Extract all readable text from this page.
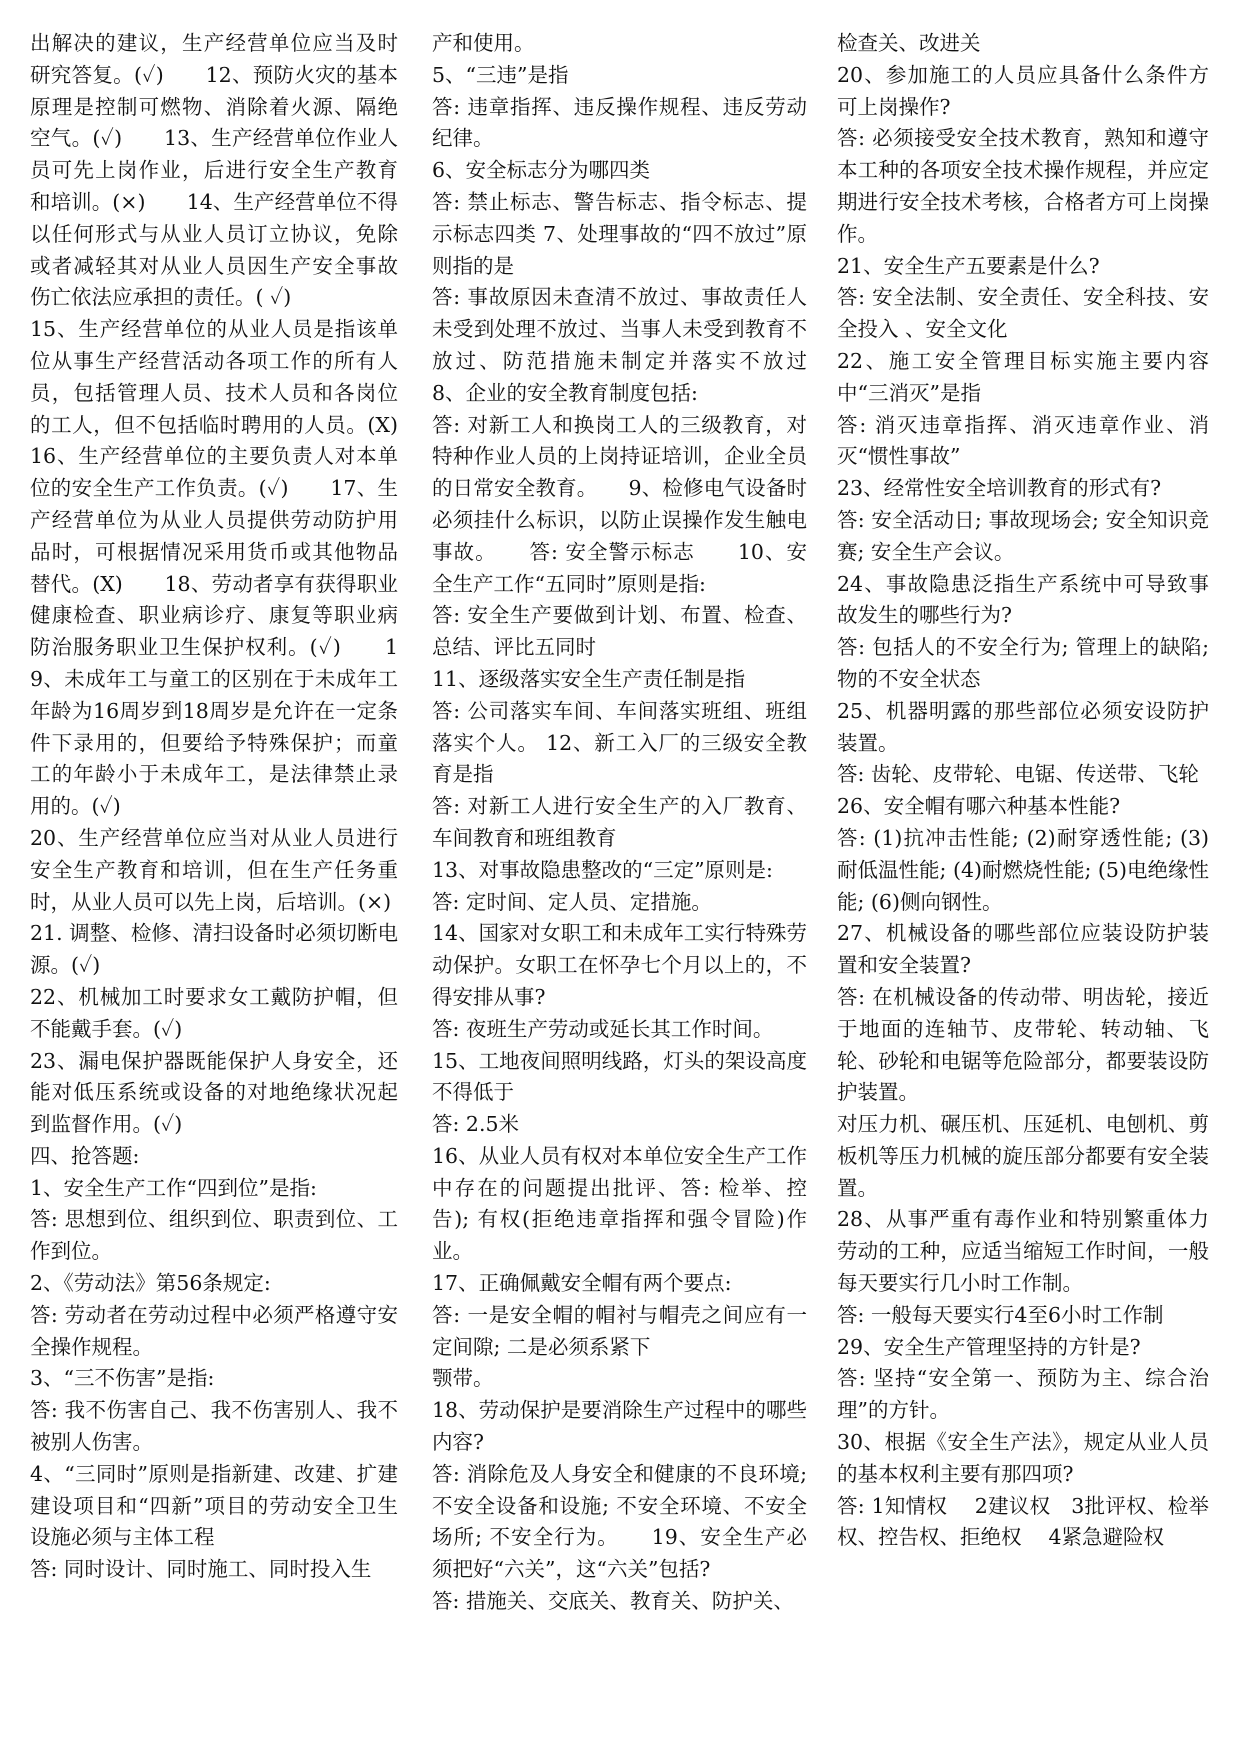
出解决的建议，生产经营单位应当及时研究答复。(✓)　　12、预防火灾的基本原理是控制可燃物、消除着火源、隔绝空气。(✓)　　13、生产经营单位作业人员可先上岗作业，后进行安全生产教育和培训。(×)　　14、生产经营单位不得以任何形式与从业人员订立协议，免除或者减轻其对从业人员因生产安全事故伤亡依法应承担的责任。( ✓)

15、生产经营单位的从业人员是指该单位从事生产经营活动各项工作的所有人员，包括管理人员、技术人员和各岗位的工人，但不包括临时聘用的人员。(X)　　16、生产经营单位的主要负责人对本单位的安全生产工作负责。(✓)　　17、生产经营单位为从业人员提供劳动防护用品时，可根据情况采用货币或其他物品替代。(X)　　18、劳动者享有获得职业健康检查、职业病诊疗、康复等职业病防治服务职业卫生保护权利。(✓)　　19、未成年工与童工的区别在于未成年工年龄为16周岁到18周岁是允许在一定条件下录用的，但要给予特殊保护；而童工的年龄小于未成年工，是法律禁止录用的。(✓)

20、生产经营单位应当对从业人员进行安全生产教育和培训，但在生产任务重时，从业人员可以先上岗，后培训。(×)

21. 调整、检修、清扫设备时必须切断电源。(✓)

22、机械加工时要求女工戴防护帽，但不能戴手套。(✓)

23、漏电保护器既能保护人身安全，还能对低压系统或设备的对地绝缘状况起到监督作用。(✓)

四、抢答题:

1、安全生产工作“四到位”是指:

答: 思想到位、组织到位、职责到位、工作到位。

2、《劳动法》第56条规定:

答: 劳动者在劳动过程中必须严格遵守安全操作规程。

3、“三不伤害”是指:

答: 我不伤害自己、我不伤害别人、我不被别人伤害。

4、“三同时”原则是指新建、改建、扩建建设项目和“四新”项目的劳动安全卫生设施必须与主体工程

答: 同时设计、同时施工、同时投入生

产和使用。

5、“三违”是指

答: 违章指挥、违反操作规程、违反劳动纪律。

6、安全标志分为哪四类

答: 禁止标志、警告标志、指令标志、提示标志四类 7、处理事故的“四不放过”原则指的是

答: 事故原因未查清不放过、事故责任人未受到处理不放过、当事人未受到教育不放过、防范措施未制定并落实不放过　　8、企业的安全教育制度包括:

答: 对新工人和换岗工人的三级教育，对特种作业人员的上岗持证培训，企业全员的日常安全教育。　　9、检修电气设备时必须挂什么标识，以防止误操作发生触电事故。　　答: 安全警示标志　　10、安全生产工作“五同时”原则是指:

答: 安全生产要做到计划、布置、检查、总结、评比五同时

11、逐级落实安全生产责任制是指

答: 公司落实车间、车间落实班组、班组落实个人。 12、新工入厂的三级安全教育是指

答: 对新工人进行安全生产的入厂教育、车间教育和班组教育

13、对事故隐患整改的“三定”原则是:

答: 定时间、定人员、定措施。

14、国家对女职工和未成年工实行特殊劳动保护。女职工在怀孕七个月以上的，不得安排从事?

答: 夜班生产劳动或延长其工作时间。

15、工地夜间照明线路，灯头的架设高度不得低于

答: 2.5米

16、从业人员有权对本单位安全生产工作中存在的问题提出批评、答: 检举、控告); 有权(拒绝违章指挥和强令冒险)作业。

17、正确佩戴安全帽有两个要点:

答: 一是安全帽的帽衬与帽壳之间应有一定间隙; 二是必须系紧下

颚带。

18、劳动保护是要消除生产过程中的哪些内容?

答: 消除危及人身安全和健康的不良环境; 不安全设备和设施; 不安全环境、不安全场所; 不安全行为。　　19、安全生产必须把好“六关”，这“六关”包括?

答: 措施关、交底关、教育关、防护关、

检查关、改进关

20、参加施工的人员应具备什么条件方可上岗操作?

答: 必须接受安全技术教育，熟知和遵守本工种的各项安全技术操作规程，并应定期进行安全技术考核，合格者方可上岗操作。

21、安全生产五要素是什么?

答: 安全法制、安全责任、安全科技、安全投入 、安全文化

22、施工安全管理目标实施主要内容中“三消灭”是指

答: 消灭违章指挥、消灭违章作业、消灭“惯性事故”

23、经常性安全培训教育的形式有?

答: 安全活动日; 事故现场会; 安全知识竞赛; 安全生产会议。

24、事故隐患泛指生产系统中可导致事故发生的哪些行为?

答: 包括人的不安全行为; 管理上的缺陷; 物的不安全状态

25、机器明露的那些部位必须安设防护装置。

答: 齿轮、皮带轮、电锯、传送带、飞轮

26、安全帽有哪六种基本性能?

答: (1)抗冲击性能; (2)耐穿透性能; (3)耐低温性能; (4)耐燃烧性能; (5)电绝缘性能; (6)侧向钢性。

27、机械设备的哪些部位应装设防护装置和安全装置?

答: 在机械设备的传动带、明齿轮，接近于地面的连轴节、皮带轮、转动轴、飞轮、砂轮和电锯等危险部分，都要装设防护装置。

对压力机、碾压机、压延机、电刨机、剪板机等压力机械的旋压部分都要有安全装置。

28、从事严重有毒作业和特别繁重体力劳动的工种，应适当缩短工作时间，一般每天要实行几小时工作制。

答: 一般每天要实行4至6小时工作制

29、安全生产管理坚持的方针是?

答: 坚持“安全第一、预防为主、综合治理”的方针。

30、根据《安全生产法》，规定从业人员的基本权利主要有那四项?

答: 1知情权　 2建议权　3批评权、检举权、控告权、拒绝权　 4紧急避险权
